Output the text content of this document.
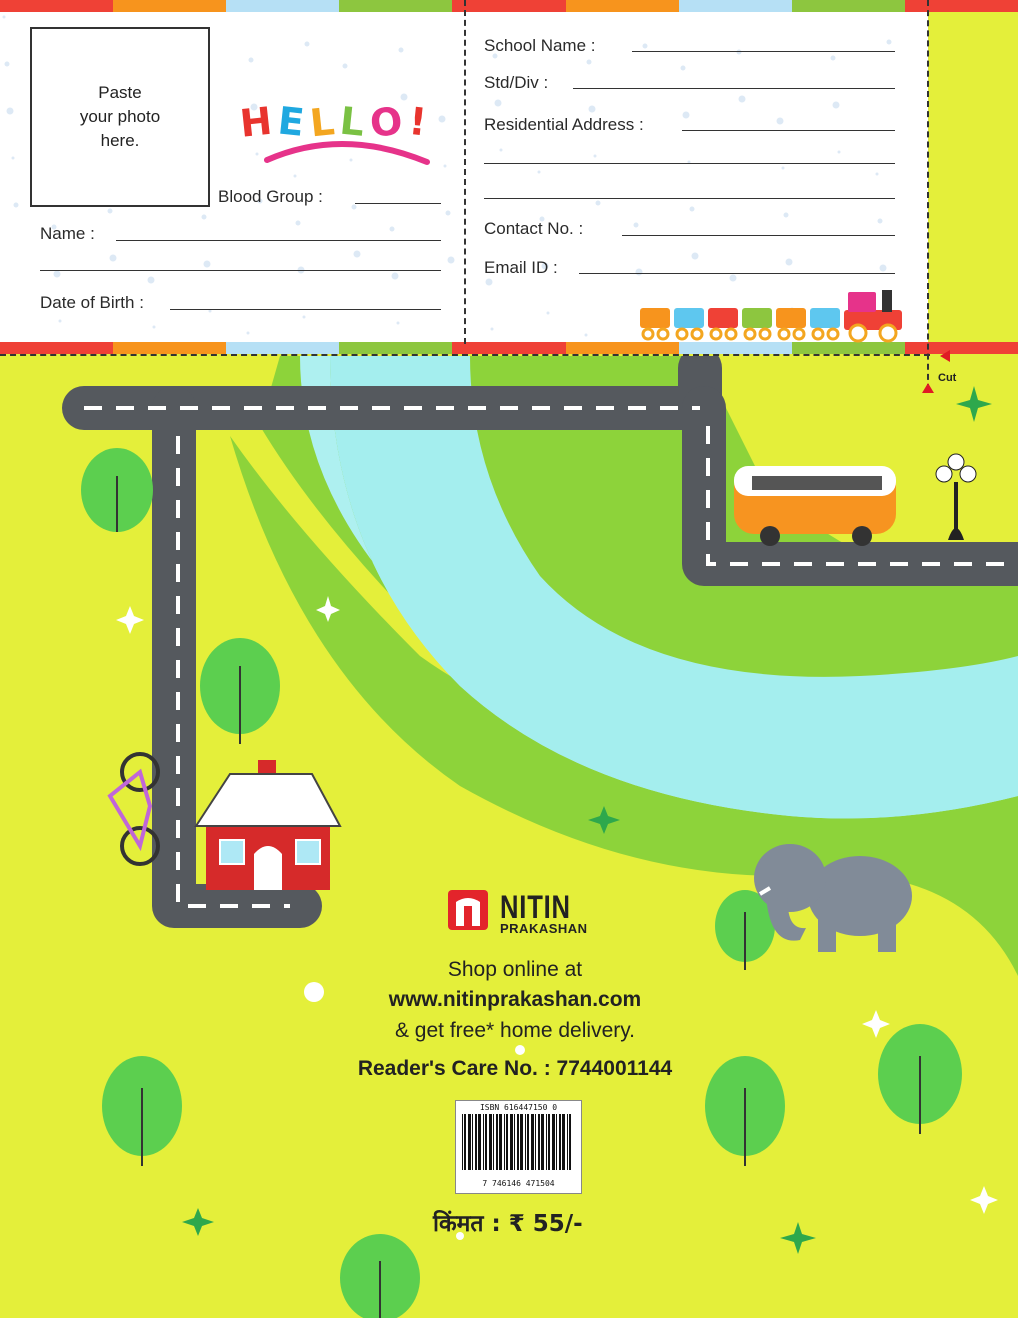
Paste
your photo
here.	HELLO!
Blood Group :
Name :
Date of Birth :
School Name :
Std/Div :
Residential Address :
Contact No. :
Email ID :
Cut
NITIN
PRAKASHAN
Shop online at
www.nitinprakashan.com
& get free* home delivery.
Reader's Care No. : 7744001144
ISBN 616447150 0
7 746146 471504
किंमत : ₹ 55/-
